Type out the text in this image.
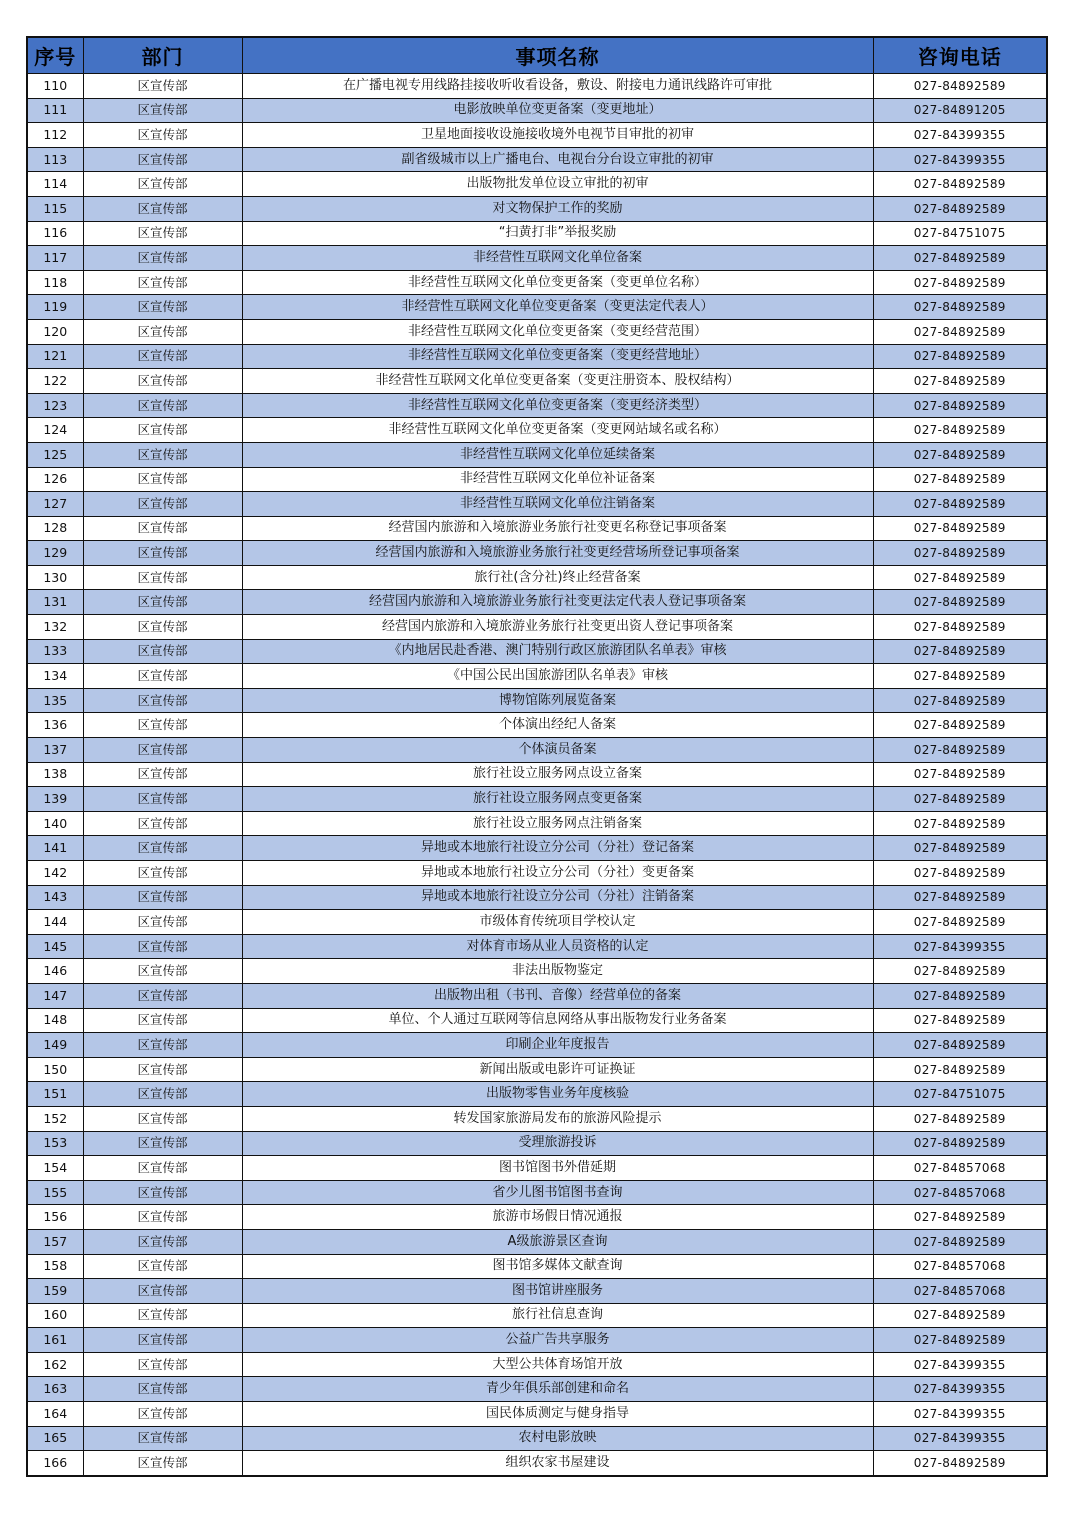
序号	部门	事项名称	咨询电话
110	区宣传部	在广播电视专用线路挂接收听收看设备，敷设、附接电力通讯线路许可审批	027-84892589
111	区宣传部	电影放映单位变更备案（变更地址）	027-84891205
112	区宣传部	卫星地面接收设施接收境外电视节目审批的初审	027-84399355
113	区宣传部	副省级城市以上广播电台、电视台分台设立审批的初审	027-84399355
114	区宣传部	出版物批发单位设立审批的初审	027-84892589
115	区宣传部	对文物保护工作的奖励	027-84892589
116	区宣传部	“扫黄打非”举报奖励	027-84751075
117	区宣传部	非经营性互联网文化单位备案	027-84892589
118	区宣传部	非经营性互联网文化单位变更备案（变更单位名称）	027-84892589
119	区宣传部	非经营性互联网文化单位变更备案（变更法定代表人）	027-84892589
120	区宣传部	非经营性互联网文化单位变更备案（变更经营范围）	027-84892589
121	区宣传部	非经营性互联网文化单位变更备案（变更经营地址）	027-84892589
122	区宣传部	非经营性互联网文化单位变更备案（变更注册资本、股权结构）	027-84892589
123	区宣传部	非经营性互联网文化单位变更备案（变更经济类型）	027-84892589
124	区宣传部	非经营性互联网文化单位变更备案（变更网站域名或名称）	027-84892589
125	区宣传部	非经营性互联网文化单位延续备案	027-84892589
126	区宣传部	非经营性互联网文化单位补证备案	027-84892589
127	区宣传部	非经营性互联网文化单位注销备案	027-84892589
128	区宣传部	经营国内旅游和入境旅游业务旅行社变更名称登记事项备案	027-84892589
129	区宣传部	经营国内旅游和入境旅游业务旅行社变更经营场所登记事项备案	027-84892589
130	区宣传部	旅行社(含分社)终止经营备案	027-84892589
131	区宣传部	经营国内旅游和入境旅游业务旅行社变更法定代表人登记事项备案	027-84892589
132	区宣传部	经营国内旅游和入境旅游业务旅行社变更出资人登记事项备案	027-84892589
133	区宣传部	《内地居民赴香港、澳门特别行政区旅游团队名单表》审核	027-84892589
134	区宣传部	《中国公民出国旅游团队名单表》审核	027-84892589
135	区宣传部	博物馆陈列展览备案	027-84892589
136	区宣传部	个体演出经纪人备案	027-84892589
137	区宣传部	个体演员备案	027-84892589
138	区宣传部	旅行社设立服务网点设立备案	027-84892589
139	区宣传部	旅行社设立服务网点变更备案	027-84892589
140	区宣传部	旅行社设立服务网点注销备案	027-84892589
141	区宣传部	异地或本地旅行社设立分公司（分社）登记备案	027-84892589
142	区宣传部	异地或本地旅行社设立分公司（分社）变更备案	027-84892589
143	区宣传部	异地或本地旅行社设立分公司（分社）注销备案	027-84892589
144	区宣传部	市级体育传统项目学校认定	027-84892589
145	区宣传部	对体育市场从业人员资格的认定	027-84399355
146	区宣传部	非法出版物鉴定	027-84892589
147	区宣传部	出版物出租（书刊、音像）经营单位的备案	027-84892589
148	区宣传部	单位、个人通过互联网等信息网络从事出版物发行业务备案	027-84892589
149	区宣传部	印刷企业年度报告	027-84892589
150	区宣传部	新闻出版或电影许可证换证	027-84892589
151	区宣传部	出版物零售业务年度核验	027-84751075
152	区宣传部	转发国家旅游局发布的旅游风险提示	027-84892589
153	区宣传部	受理旅游投诉	027-84892589
154	区宣传部	图书馆图书外借延期	027-84857068
155	区宣传部	省少儿图书馆图书查询	027-84857068
156	区宣传部	旅游市场假日情况通报	027-84892589
157	区宣传部	A级旅游景区查询	027-84892589
158	区宣传部	图书馆多媒体文献查询	027-84857068
159	区宣传部	图书馆讲座服务	027-84857068
160	区宣传部	旅行社信息查询	027-84892589
161	区宣传部	公益广告共享服务	027-84892589
162	区宣传部	大型公共体育场馆开放	027-84399355
163	区宣传部	青少年俱乐部创建和命名	027-84399355
164	区宣传部	国民体质测定与健身指导	027-84399355
165	区宣传部	农村电影放映	027-84399355
166	区宣传部	组织农家书屋建设	027-84892589
